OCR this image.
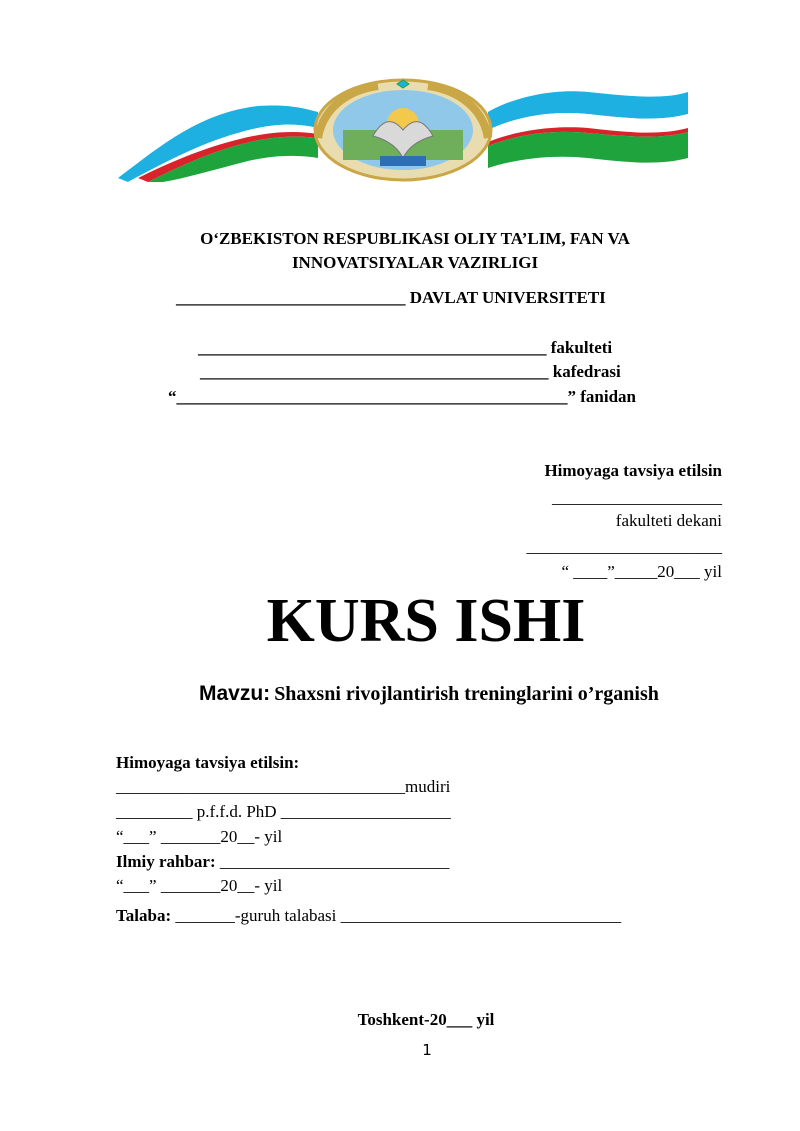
O‘ZBEKISTON RESPUBLIKASI OLIY TA’LIM, FAN VA
INNOVATSIYALAR VAZIRLIGI
___________________________ DAVLAT UNIVERSITETI
_________________________________________ fakulteti
_________________________________________ kafedrasi
“______________________________________________” fanidan
Himoyaga tavsiya etilsin
____________________
fakulteti dekani
_______________________
“ ____”_____20___ yil
KURS ISHI
Mavzu: Shaxsni rivojlantirish treninglarini o’rganish
Himoyaga tavsiya etilsin:
__________________________________mudiri
_________ p.f.f.d. PhD ____________________
“___” _______20__- yil
Ilmiy rahbar: ___________________________
“___” _______20__- yil
Talaba: _______-guruh talabasi _________________________________
Toshkent-20___ yil
1
